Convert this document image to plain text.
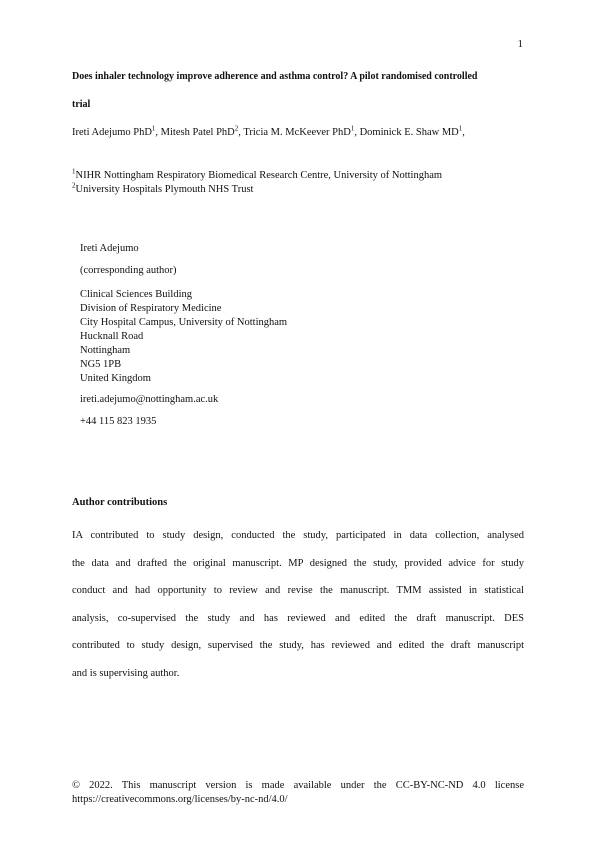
1
Does inhaler technology improve adherence and asthma control? A pilot randomised controlled
trial
Ireti Adejumo PhD$^1$, Mitesh Patel PhD$^2$, Tricia M. McKeever PhD$^1$, Dominick E. Shaw $MD^1$,
$^1$NIHR Nottingham Respiratory Biomedical Research Centre, University of Nottingham
$^2$University Hospitals Plymouth NHS Trust
Ireti Adejumo
(corresponding author)
Clinical Sciences Building
Division of Respiratory Medicine
City Hospital Campus, University of Nottingham
Hucknall Road
Nottingham
NG5 1PB
United Kingdom
ireti.adejumo@nottingham.ac.uk
+44 115 823 1935
Author contributions
IA contributed to study design, conducted the study, participated in data collection, analysed
the data and drafted the original manuscript. MP designed the study, provided advice for study
conduct and had opportunity to review and revise the manuscript. TMM assisted in statistical
analysis, co-supervised the study and has reviewed and edited the draft manuscript. DES
contributed to study design, supervised the study, has reviewed and edited the draft manuscript
and is supervising author.
© 2022. This manuscript version is made available under the CC-BY-NC-ND 4.0 license
https://creativecommons.org/licenses/by-nc-nd/4.0/
